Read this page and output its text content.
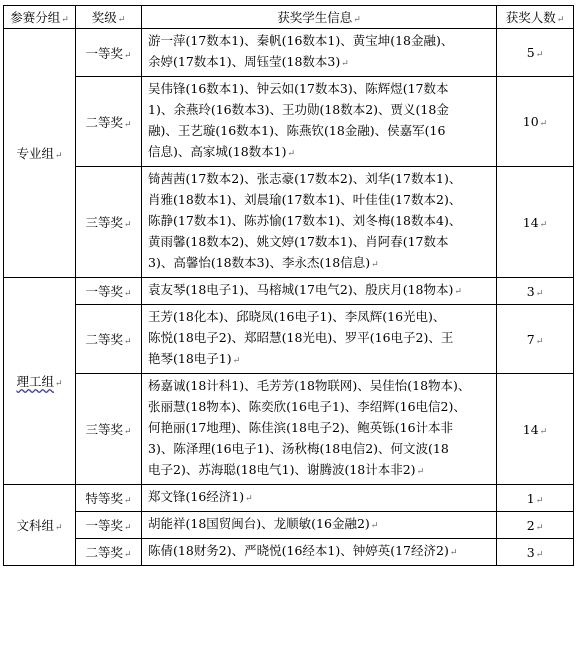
参赛分组↵	奖级↵	获奖学生信息↵	获奖人数↵
专业组↵	一等奖↵	游一萍(17数本1)、秦帆(16数本1)、黄宝坤(18金融)、
余婷(17数本1)、周钰莹(18数本3)↵	5↵
	二等奖↵	吴伟锋(16数本1)、钟云如(17数本3)、陈辉煜(17数本
1)、余燕玲(16数本3)、王功勋(18数本2)、贾义(18金
融)、王艺璇(16数本1)、陈燕钦(18金融)、侯嘉军(16
信息)、高家城(18数本1)↵	10↵
	三等奖↵	锜茜茜(17数本2)、张志豪(17数本2)、刘华(17数本1)、
肖雅(18数本1)、刘晨瑜(17数本1)、叶佳佳(17数本2)、
陈静(17数本1)、陈苏愉(17数本1)、刘冬梅(18数本4)、
黄雨馨(18数本2)、姚文婷(17数本1)、肖阿春(17数本
3)、高馨怡(18数本3)、李永杰(18信息)↵	14↵
理工组↵	一等奖↵	袁友琴(18电子1)、马榕城(17电气2)、殷庆月(18物本)↵	3↵
	二等奖↵	王芳(18化本)、邱晓凤(16电子1)、李凤辉(16光电)、
陈悦(18电子2)、郑昭慧(18光电)、罗平(16电子2)、王
艳琴(18电子1)↵	7↵
	三等奖↵	杨嘉诚(18计科1)、毛芳芳(18物联网)、吴佳怡(18物本)、
张丽慧(18物本)、陈奕欣(16电子1)、李绍辉(16电信2)、
何艳丽(17地理)、陈佳滨(18电子2)、鲍英铄(16计本非
3)、陈泽理(16电子1)、汤秋梅(18电信2)、何文波(18
电子2)、苏海聪(18电气1)、谢腾波(18计本非2)↵	14↵
文科组↵	特等奖↵	郑文锋(16经济1)↵	1↵
	一等奖↵	胡能祥(18国贸闽台)、龙顺敏(16金融2)↵	2↵
	二等奖↵	陈倩(18财务2)、严晓悦(16经本1)、钟婷英(17经济2)↵	3↵
